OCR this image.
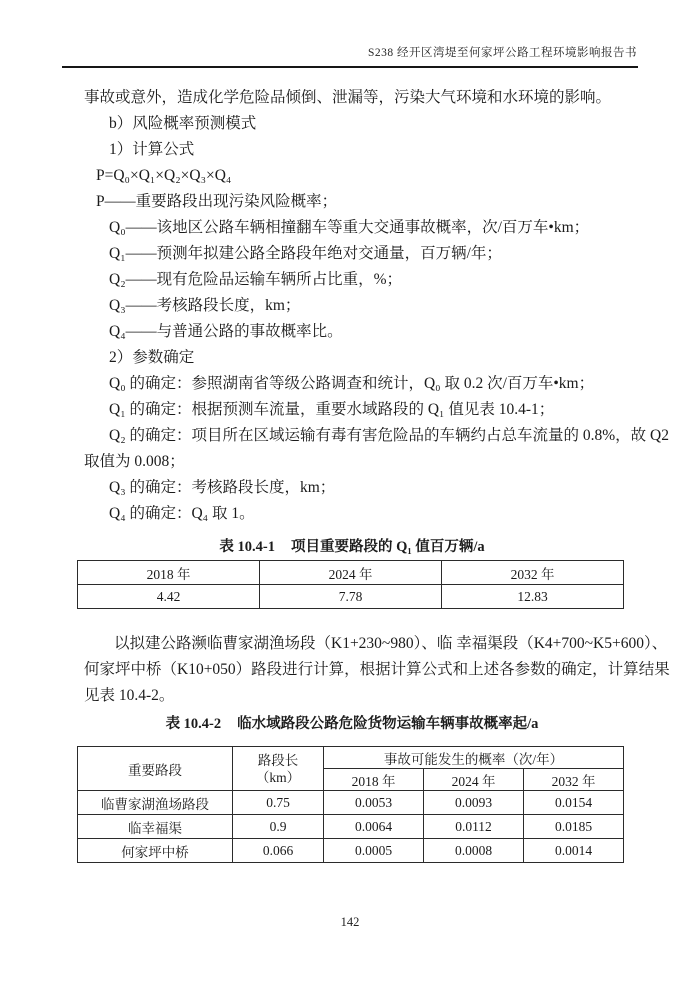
S238 经开区湾堤至何家坪公路工程环境影响报告书
事故或意外，造成化学危险品倾倒、泄漏等，污染大气环境和水环境的影响。
b）风险概率预测模式
1）计算公式
P=Q₀×Q₁×Q₂×Q₃×Q₄
P——重要路段出现污染风险概率；
Q₀——该地区公路车辆相撞翻车等重大交通事故概率，次/百万车•km；
Q₁——预测年拟建公路全路段年绝对交通量，百万辆/年；
Q₂——现有危险品运输车辆所占比重，%；
Q₃——考核路段长度，km；
Q₄——与普通公路的事故概率比。
2）参数确定
Q₀ 的确定：参照湖南省等级公路调查和统计，Q₀ 取 0.2 次/百万车•km；
Q₁ 的确定：根据预测车流量，重要水域路段的 Q₁ 值见表 10.4-1；
Q₂ 的确定：项目所在区域运输有毒有害危险品的车辆约占总车流量的 0.8%，故 Q2
取值为 0.008；
Q₃ 的确定：考核路段长度，km；
Q₄ 的确定：Q₄ 取 1。
表 10.4-1 项目重要路段的 Q₁ 值百万辆/a
2018 年	2024 年	2032 年
4.42	7.78	12.83
以拟建公路濒临曹家湖渔场段（K1+230~980）、临 幸福渠段（K4+700~K5+600）、
何家坪中桥（K10+050）路段进行计算，根据计算公式和上述各参数的确定，计算结果
见表 10.4-2。
表 10.4-2 临水域路段公路危险货物运输车辆事故概率起/a
重要路段	路段长
（km）	事故可能发生的概率（次/年）		
		2018 年	2024 年	2032 年
临曹家湖渔场路段	0.75	0.0053	0.0093	0.0154
临幸福渠	0.9	0.0064	0.0112	0.0185
何家坪中桥	0.066	0.0005	0.0008	0.0014
142
